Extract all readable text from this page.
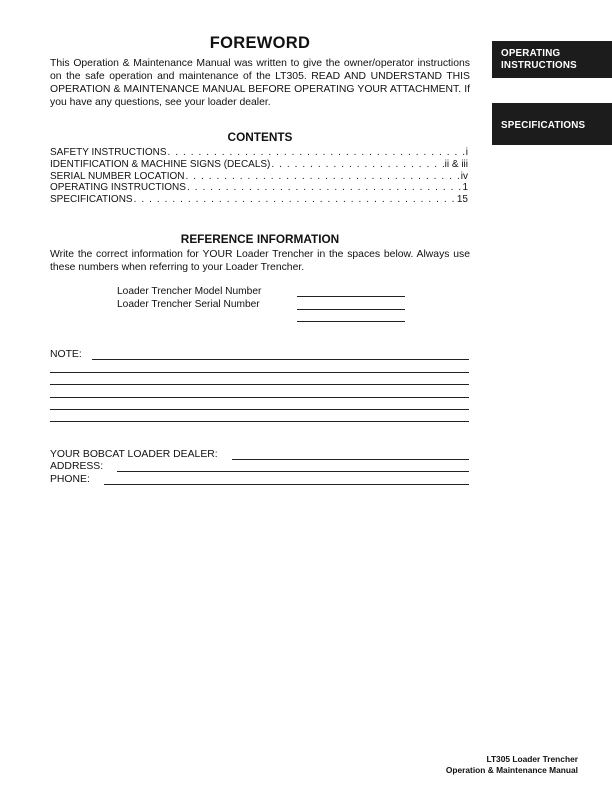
FOREWORD
This Operation & Maintenance Manual was written to give the owner/operator instructions on the safe operation and maintenance of the LT305. READ AND UNDERSTAND THIS OPERATION & MAINTENANCE MANUAL BEFORE OPERATING YOUR ATTACHMENT. If you have any questions, see your loader dealer.
CONTENTS
SAFETY INSTRUCTIONS . . .	i
IDENTIFICATION & MACHINE SIGNS (DECALS) . . .	ii & iii
SERIAL NUMBER LOCATION . . .	iv
OPERATING INSTRUCTIONS . . .	1
SPECIFICATIONS . . .	15
REFERENCE INFORMATION
Write the correct information for YOUR Loader Trencher in the spaces below. Always use these numbers when referring to your Loader Trencher.
Loader Trencher Model Number
Loader Trencher Serial Number
NOTE:
YOUR BOBCAT LOADER DEALER:
ADDRESS:
PHONE:
OPERATING INSTRUCTIONS
SPECIFICATIONS
LT305 Loader Trencher
Operation & Maintenance Manual
